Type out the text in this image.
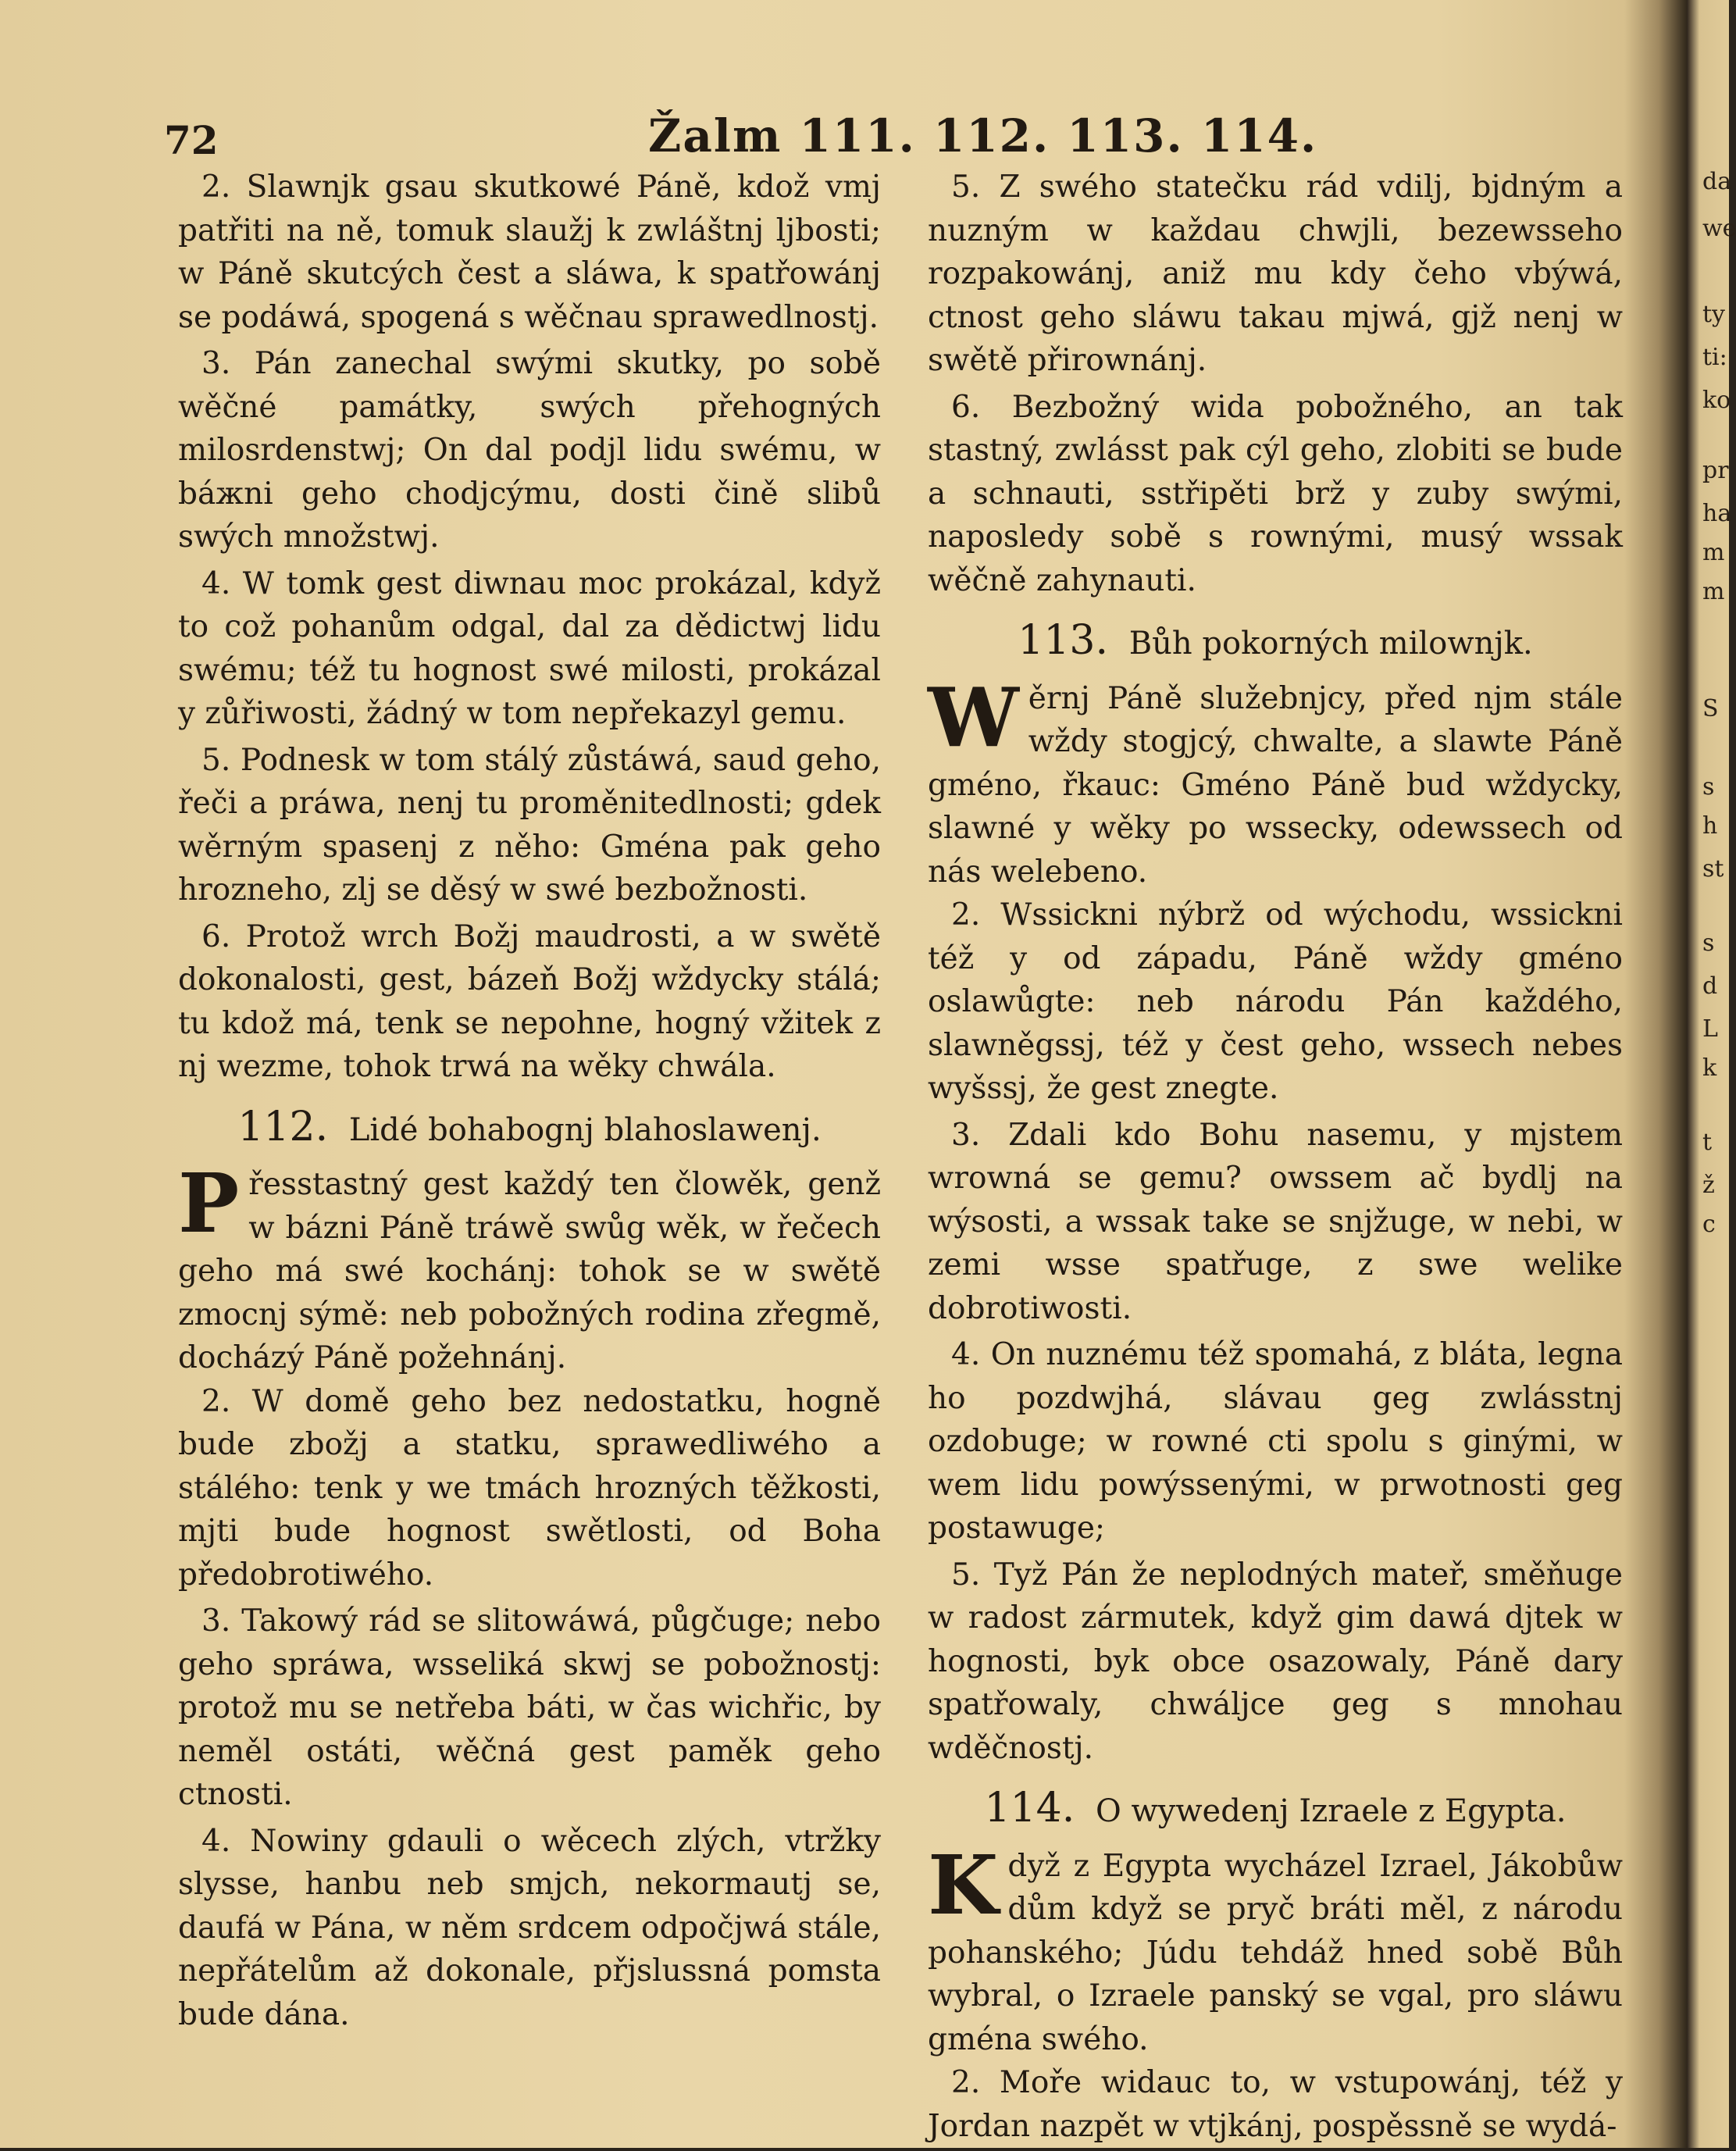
72	Žalm 111. 112. 113. 114.

2. Slawnjk gsau skutkowé Páně, kdož vmj patřiti na ně, tomuk slaužj k zwláštnj ljbosti; w Páně skutcých čest a sláwa, k spatřowánj se podáwá, spogená s wěčnau sprawedlnostj.

3. Pán zanechal swými skutky, po sobě wěčné památky, swých přehogných milosrdenstwj; On dal podjl lidu swému, w báжni geho chodjcýmu, dosti čině slibů swých množstwj.

4. W tomk gest diwnau moc prokázal, když to což pohanům odgal, dal za dědictwj lidu swému; též tu hognost swé milosti, prokázal y zůřiwosti, žádný w tom nepřekazyl gemu.

5. Podnesk w tom stálý zůstáwá, saud geho, řeči a práwa, nenj tu proměnitedlnosti; gdek wěrným spasenj z něho: Gména pak geho hrozneho, zlj se děsý w swé bezbožnosti.

6. Protož wrch Božj maudrosti, a w swětě dokonalosti, gest, bázeň Božj wždycky stálá; tu kdož má, tenk se nepohne, hogný vžitek z nj wezme, tohok trwá na wěky chwála.

112. Lidé bohabognj blahoslawenj.

P řesstastný gest každý ten člowěk, genž w bázni Páně tráwě swůg wěk, w řečech geho má swé kochánj: tohok se w swětě zmocnj sýmě: neb pobožných rodina zřegmě, docházý Páně požehnánj.

2. W domě geho bez nedostatku, hogně bude zbožj a statku, sprawedliwého a stálého: tenk y we tmách hrozných těžkosti, mjti bude hognost swětlosti, od Boha předobrotiwého.

3. Takowý rád se slitowáwá, půgčuge; nebo geho spráwa, wsseliká skwj se pobožnostj: protož mu se netřeba báti, w čas wichřic, by neměl ostáti, wěčná gest paměk geho ctnosti.

4. Nowiny gdauli o wěcech zlých, vtržky slysse, hanbu neb smjch, nekormautj se, daufá w Pána, w něm srdcem odpočjwá stále, nepřátelům až dokonale, přjslussná pomsta bude dána.

5. Z swého statečku rád vdilj, bjdným a nuzným w každau chwjli, bezewsseho rozpakowánj, aniž mu kdy čeho vbýwá, ctnost geho sláwu takau mjwá, gjž nenj w swětě přirownánj.

6. Bezbožný wida pobožného, an tak stastný, zwlásst pak cýl geho, zlobiti se bude a schnauti, sstřipěti brž y zuby swými, naposledy sobě s rownými, musý wssak wěčně zahynauti.

113. Bůh pokorných milownjk.

W ěrnj Páně služebnjcy, před njm stále wždy stogjcý, chwalte, a slawte Páně gméno, řkauc: Gméno Páně bud wždycky, slawné y wěky po wssecky, odewssech od nás welebeno.

2. Wssickni nýbrž od wýchodu, wssickni též y od západu, Páně wždy gméno oslawůgte: neb národu Pán každého, slawněgssj, též y čest geho, wssech nebes wyšssj, že gest znegte.

3. Zdali kdo Bohu nasemu, y mjstem wrowná se gemu? owssem ač bydlj na wýsosti, a wssak take se snjžuge, w nebi, w zemi wsse spatřuge, z swe welike dobrotiwosti.

4. On nuznému též spomahá, z bláta, legna ho pozdwjhá, slávau geg zwlásstnj ozdobuge; w rowné cti spolu s ginými, w wem lidu powýssenými, w prwotnosti geg postawuge;

5. Tyž Pán že neplodných mateř, směňuge w radost zármutek, když gim dawá djtek w hognosti, byk obce osazowaly, Páně dary spatřowaly, chwáljce geg s mnohau wděčnostj.

114. O wywedenj Izraele z Egypta.

K dyž z Egypta wycházel Izrael, Jákobůw dům když se pryč bráti měl, z národu pohanského; Júdu tehdáž hned sobě Bůh wybral, o Izraele panský se vgal, pro sláwu gména swého.

2. Moře widauc to, w vstupowánj, též y Jordan nazpět w vtjkánj, pospěssně se wydá-

da
we
ty
ti:
ko
pr
ha
m
m
S
s
h
st
s
d
L
k
t
ž
c
